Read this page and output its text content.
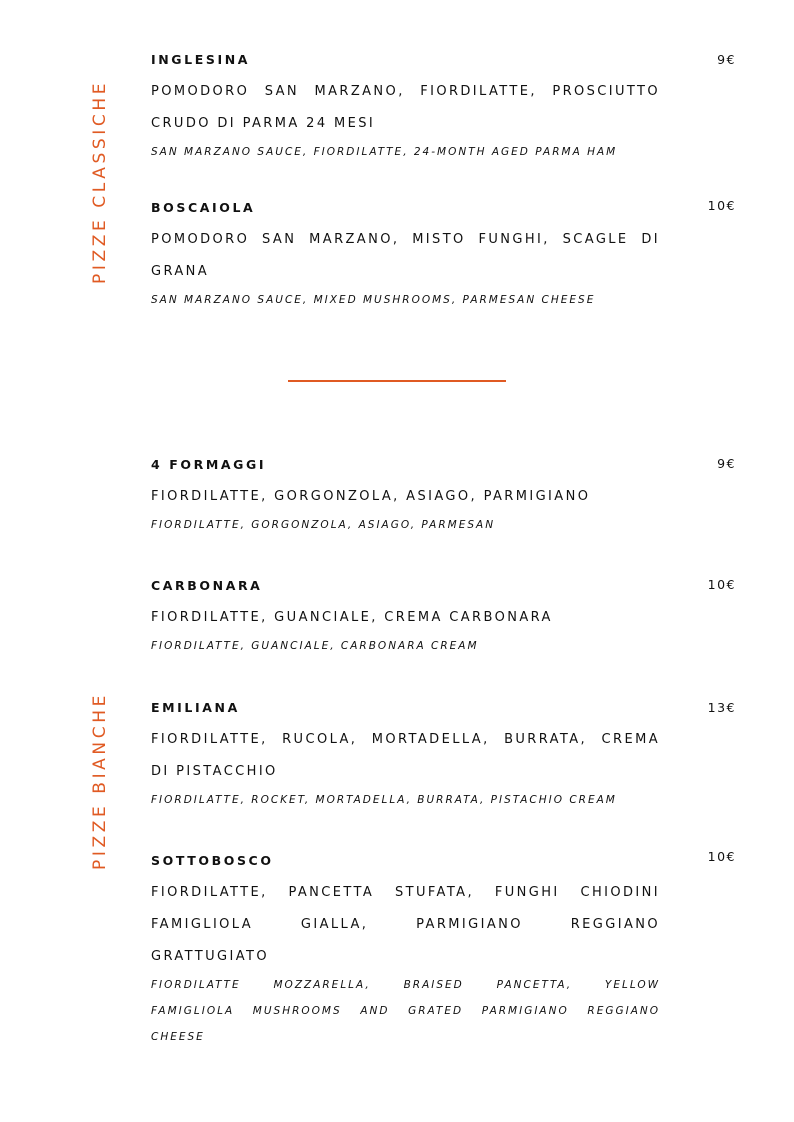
PIZZE CLASSICHE
PIZZE BIANCHE
INGLESINA
POMODORO SAN MARZANO, FIORDILATTE, PROSCIUTTO
CRUDO DI PARMA 24 MESI
SAN MARZANO SAUCE, FIORDILATTE, 24-MONTH AGED PARMA HAM
9€
BOSCAIOLA
POMODORO SAN MARZANO, MISTO FUNGHI, SCAGLE DI
GRANA
SAN MARZANO SAUCE, MIXED MUSHROOMS, PARMESAN CHEESE
10€
4 FORMAGGI
FIORDILATTE, GORGONZOLA, ASIAGO, PARMIGIANO
FIORDILATTE, GORGONZOLA, ASIAGO, PARMESAN
9€
CARBONARA
FIORDILATTE, GUANCIALE, CREMA CARBONARA
FIORDILATTE, GUANCIALE, CARBONARA CREAM
10€
EMILIANA
FIORDILATTE, RUCOLA, MORTADELLA, BURRATA, CREMA
DI PISTACCHIO
FIORDILATTE, ROCKET, MORTADELLA, BURRATA, PISTACHIO CREAM
13€
SOTTOBOSCO
FIORDILATTE, PANCETTA STUFATA, FUNGHI CHIODINI
FAMIGLIOLA GIALLA, PARMIGIANO REGGIANO
GRATTUGIATO
FIORDILATTE MOZZARELLA, BRAISED PANCETTA, YELLOW
FAMIGLIOLA MUSHROOMS AND GRATED PARMIGIANO REGGIANO
CHEESE
10€
